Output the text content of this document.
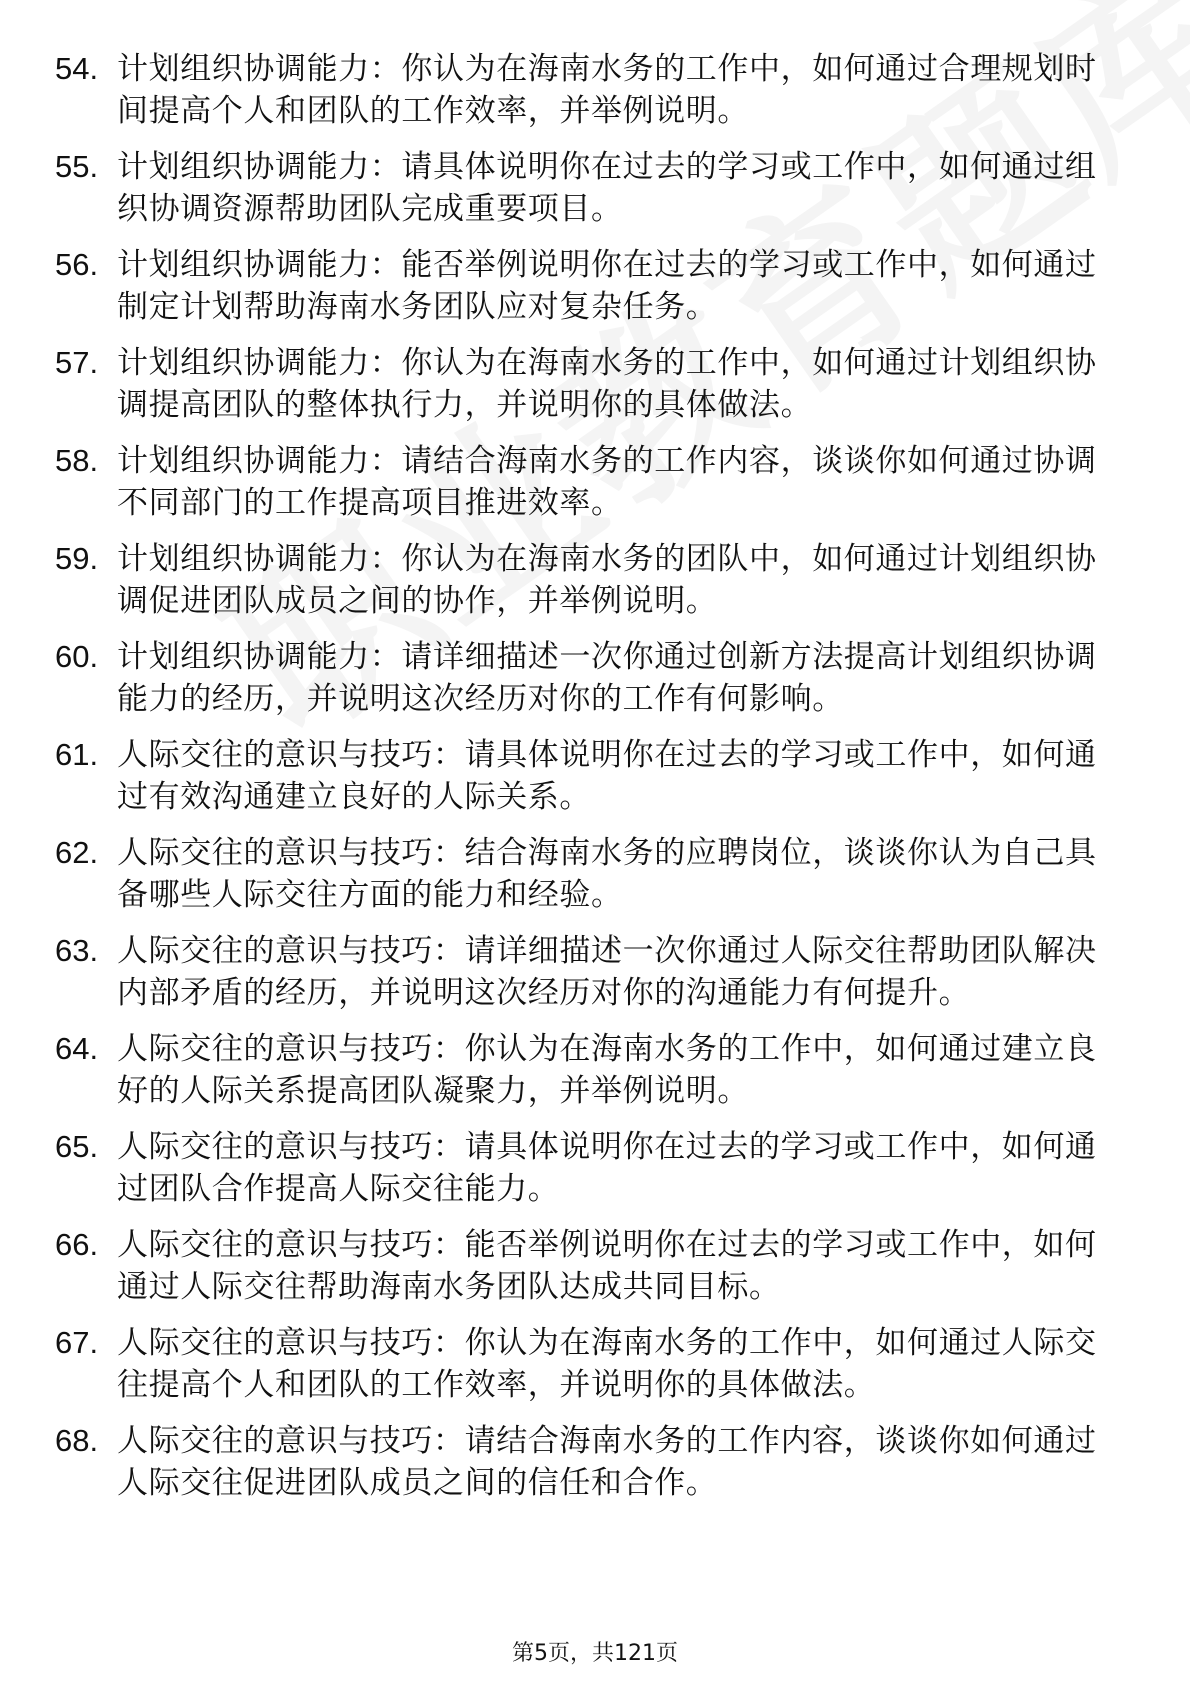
54. 计划组织协调能力：你认为在海南水务的工作中，如何通过合理规划时间提高个人和团队的工作效率，并举例说明。
55. 计划组织协调能力：请具体说明你在过去的学习或工作中，如何通过组织协调资源帮助团队完成重要项目。
56. 计划组织协调能力：能否举例说明你在过去的学习或工作中，如何通过制定计划帮助海南水务团队应对复杂任务。
57. 计划组织协调能力：你认为在海南水务的工作中，如何通过计划组织协调提高团队的整体执行力，并说明你的具体做法。
58. 计划组织协调能力：请结合海南水务的工作内容，谈谈你如何通过协调不同部门的工作提高项目推进效率。
59. 计划组织协调能力：你认为在海南水务的团队中，如何通过计划组织协调促进团队成员之间的协作，并举例说明。
60. 计划组织协调能力：请详细描述一次你通过创新方法提高计划组织协调能力的经历，并说明这次经历对你的工作有何影响。
61. 人际交往的意识与技巧：请具体说明你在过去的学习或工作中，如何通过有效沟通建立良好的人际关系。
62. 人际交往的意识与技巧：结合海南水务的应聘岗位，谈谈你认为自己具备哪些人际交往方面的能力和经验。
63. 人际交往的意识与技巧：请详细描述一次你通过人际交往帮助团队解决内部矛盾的经历，并说明这次经历对你的沟通能力有何提升。
64. 人际交往的意识与技巧：你认为在海南水务的工作中，如何通过建立良好的人际关系提高团队凝聚力，并举例说明。
65. 人际交往的意识与技巧：请具体说明你在过去的学习或工作中，如何通过团队合作提高人际交往能力。
66. 人际交往的意识与技巧：能否举例说明你在过去的学习或工作中，如何通过人际交往帮助海南水务团队达成共同目标。
67. 人际交往的意识与技巧：你认为在海南水务的工作中，如何通过人际交往提高个人和团队的工作效率，并说明你的具体做法。
68. 人际交往的意识与技巧：请结合海南水务的工作内容，谈谈你如何通过人际交往促进团队成员之间的信任和合作。
第5页，共121页
